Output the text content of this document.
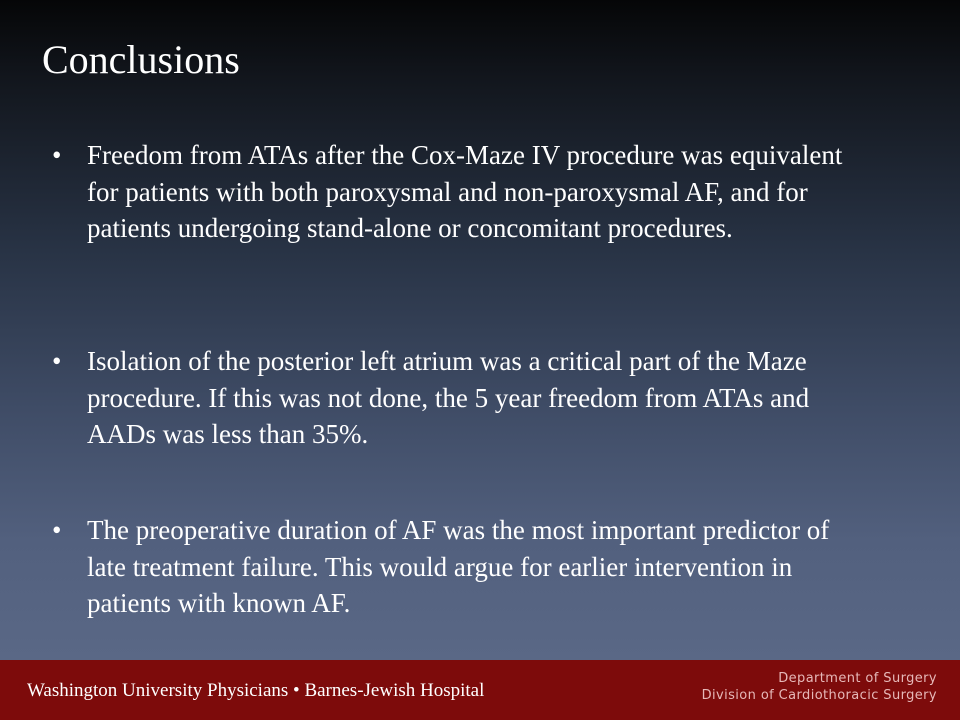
Conclusions
• Freedom from ATAs after the Cox-Maze IV procedure was equivalent for patients with both paroxysmal and non-paroxysmal AF, and for patients undergoing stand-alone or concomitant procedures.
• Isolation of the posterior left atrium was a critical part of the Maze procedure. If this was not done, the 5 year freedom from ATAs and AADs was less than 35%.
• The preoperative duration of AF was the most important predictor of late treatment failure. This would argue for earlier intervention in patients with known AF.
Washington University Physicians • Barnes-Jewish Hospital
Department of Surgery
Division of Cardiothoracic Surgery
